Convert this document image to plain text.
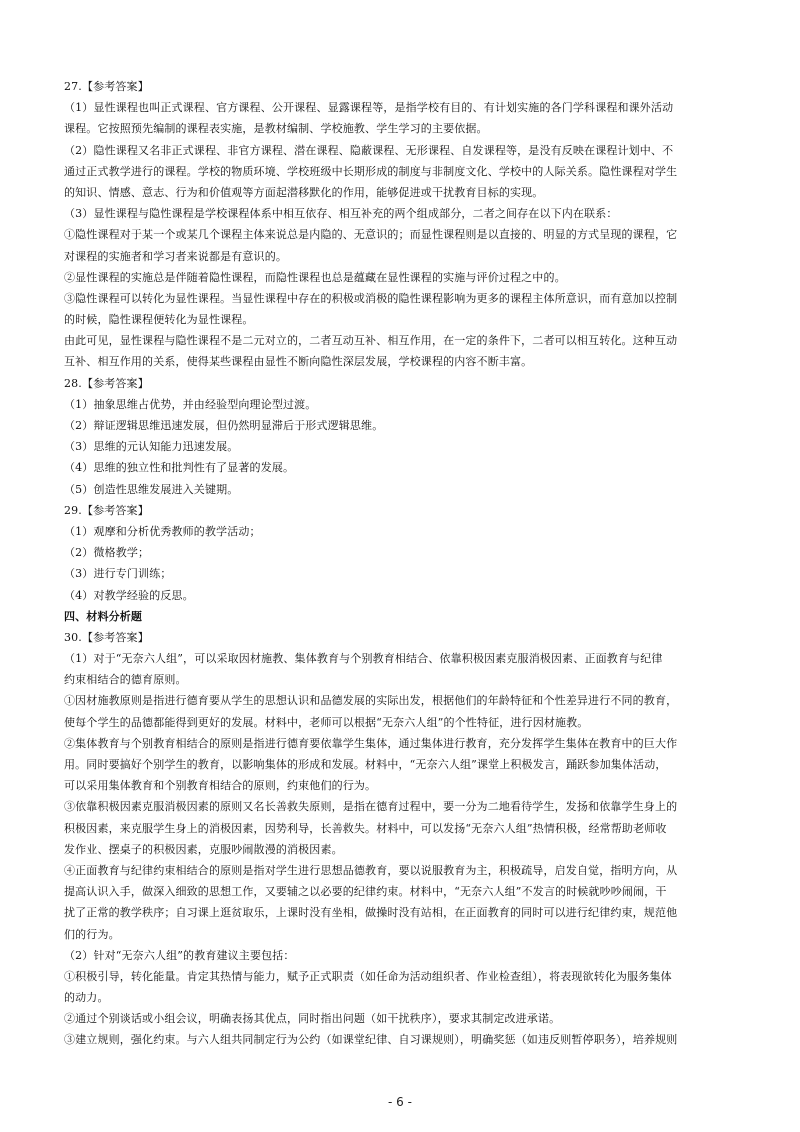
27.【参考答案】
（1）显性课程也叫正式课程、官方课程、公开课程、显露课程等，是指学校有目的、有计划实施的各门学科课程和课外活动
课程。它按照预先编制的课程表实施，是教材编制、学校施教、学生学习的主要依据。
（2）隐性课程又名非正式课程、非官方课程、潜在课程、隐蔽课程、无形课程、自发课程等，是没有反映在课程计划中、不
通过正式教学进行的课程。学校的物质环境、学校班级中长期形成的制度与非制度文化、学校中的人际关系。隐性课程对学生
的知识、情感、意志、行为和价值观等方面起潜移默化的作用，能够促进或干扰教育目标的实现。
（3）显性课程与隐性课程是学校课程体系中相互依存、相互补充的两个组成部分，二者之间存在以下内在联系：
①隐性课程对于某一个或某几个课程主体来说总是内隐的、无意识的；而显性课程则是以直接的、明显的方式呈现的课程，它
对课程的实施者和学习者来说都是有意识的。
②显性课程的实施总是伴随着隐性课程，而隐性课程也总是蕴藏在显性课程的实施与评价过程之中的。
③隐性课程可以转化为显性课程。当显性课程中存在的积极或消极的隐性课程影响为更多的课程主体所意识，而有意加以控制
的时候，隐性课程便转化为显性课程。
由此可见，显性课程与隐性课程不是二元对立的，二者互动互补、相互作用，在一定的条件下，二者可以相互转化。这种互动
互补、相互作用的关系，使得某些课程由显性不断向隐性深层发展，学校课程的内容不断丰富。
28.【参考答案】
（1）抽象思维占优势，并由经验型向理论型过渡。
（2）辩证逻辑思维迅速发展，但仍然明显滞后于形式逻辑思维。
（3）思维的元认知能力迅速发展。
（4）思维的独立性和批判性有了显著的发展。
（5）创造性思维发展进入关键期。
29.【参考答案】
（1）观摩和分析优秀教师的教学活动；
（2）微格教学；
（3）进行专门训练；
（4）对教学经验的反思。
四、材料分析题
30.【参考答案】
（1）对于“无奈六人组”，可以采取因材施教、集体教育与个别教育相结合、依靠积极因素克服消极因素、正面教育与纪律
约束相结合的德育原则。
①因材施教原则是指进行德育要从学生的思想认识和品德发展的实际出发，根据他们的年龄特征和个性差异进行不同的教育，
使每个学生的品德都能得到更好的发展。材料中，老师可以根据“无奈六人组”的个性特征，进行因材施教。
②集体教育与个别教育相结合的原则是指进行德育要依靠学生集体，通过集体进行教育，充分发挥学生集体在教育中的巨大作
用。同时要搞好个别学生的教育，以影响集体的形成和发展。材料中，“无奈六人组”课堂上积极发言，踊跃参加集体活动，
可以采用集体教育和个别教育相结合的原则，约束他们的行为。
③依靠积极因素克服消极因素的原则又名长善救失原则，是指在德育过程中，要一分为二地看待学生，发扬和依靠学生身上的
积极因素，来克服学生身上的消极因素，因势利导，长善救失。材料中，可以发扬“无奈六人组”热情积极，经常帮助老师收
发作业、摆桌子的积极因素，克服吵闹散漫的消极因素。
④正面教育与纪律约束相结合的原则是指对学生进行思想品德教育，要以说服教育为主，积极疏导，启发自觉，指明方向，从
提高认识入手，做深入细致的思想工作，又要辅之以必要的纪律约束。材料中，“无奈六人组”不发言的时候就吵吵闹闹，干
扰了正常的教学秩序；自习课上逛贫取乐，上课时没有坐相，做操时没有站相，在正面教育的同时可以进行纪律约束，规范他
们的行为。
（2）针对“无奈六人组”的教育建议主要包括：
①积极引导，转化能量。肯定其热情与能力，赋予正式职责（如任命为活动组织者、作业检查组），将表现欲转化为服务集体
的动力。
②通过个别谈话或小组会议，明确表扬其优点，同时指出问题（如干扰秩序），要求其制定改进承诺。
③建立规则，强化约束。与六人组共同制定行为公约（如课堂纪律、自习课规则），明确奖惩（如违反则暂停职务），培养规则
- 6 -
